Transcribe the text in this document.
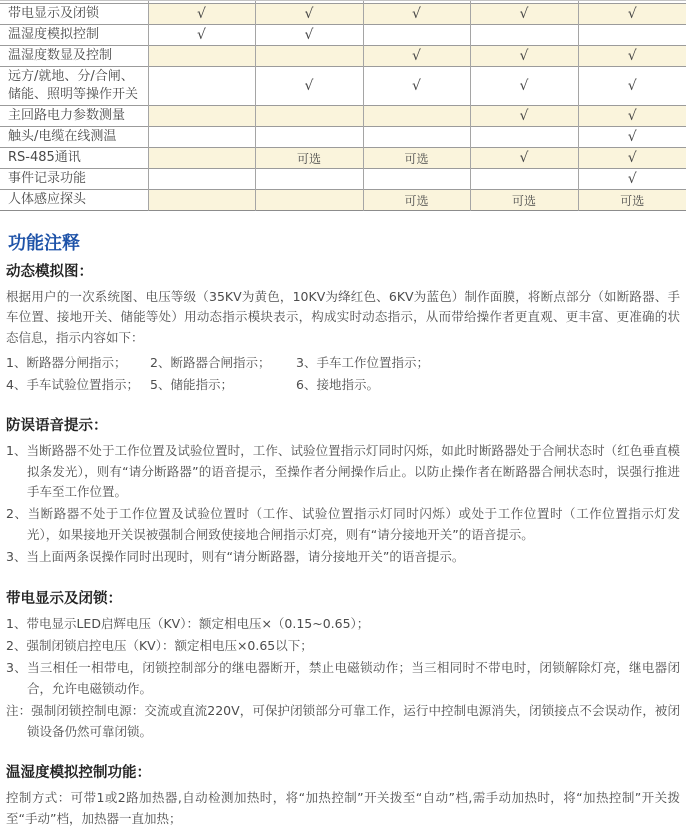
带电显示及闭锁	√	√	√	√	√
温湿度模拟控制	√	√			
温湿度数显及控制			√	√	√
远方/就地、分/合闸、储能、照明等操作开关		√	√	√	√
主回路电力参数测量				√	√
触头/电缆在线测温					√
RS-485通讯		可选	可选	√	√
事件记录功能					√
人体感应探头			可选	可选	可选
功能注释
动态模拟图：

根据用户的一次系统图、电压等级（35KV为黄色，10KV为绛红色、6KV为蓝色）制作面膜，将断点部分（如断路器、手车位置、接地开关、储能等处）用动态指示模块表示，构成实时动态指示，从而带给操作者更直观、更丰富、更准确的状态信息，指示内容如下：

1、断路器分闸指示；	2、断路器合闸指示；	3、手车工作位置指示；
4、手车试验位置指示； 5、储能指示；	6、接地指示。
防误语音提示：

1、当断路器不处于工作位置及试验位置时，工作、试验位置指示灯同时闪烁，如此时断路器处于合闸状态时（红色垂直模拟条发光），则有“请分断路器”的语音提示，至操作者分闸操作后止。以防止操作者在断路器合闸状态时，误强行推进手车至工作位置。

2、当断路器不处于工作位置及试验位置时（工作、试验位置指示灯同时闪烁）或处于工作位置时（工作位置指示灯发光），如果接地开关误被强制合闸致使接地合闸指示灯亮，则有“请分接地开关”的语音提示。

3、当上面两条误操作同时出现时，则有“请分断路器，请分接地开关”的语音提示。

带电显示及闭锁：

1、带电显示LED启辉电压（KV）：额定相电压×（0.15~0.65）；

2、强制闭锁启控电压（KV）：额定相电压×0.65以下；

3、当三相任一相带电，闭锁控制部分的继电器断开，禁止电磁锁动作；当三相同时不带电时，闭锁解除灯亮，继电器闭合，允许电磁锁动作。

注：强制闭锁控制电源：交流或直流220V，可保护闭锁部分可靠工作，运行中控制电源消失，闭锁接点不会误动作，被闭锁设备仍然可靠闭锁。

温湿度模拟控制功能：

控制方式：可带1或2路加热器,自动检测加热时，将“加热控制”开关拨至“自动”档,需手动加热时，将“加热控制”开关拨至“手动”档，加热器一直加热；
